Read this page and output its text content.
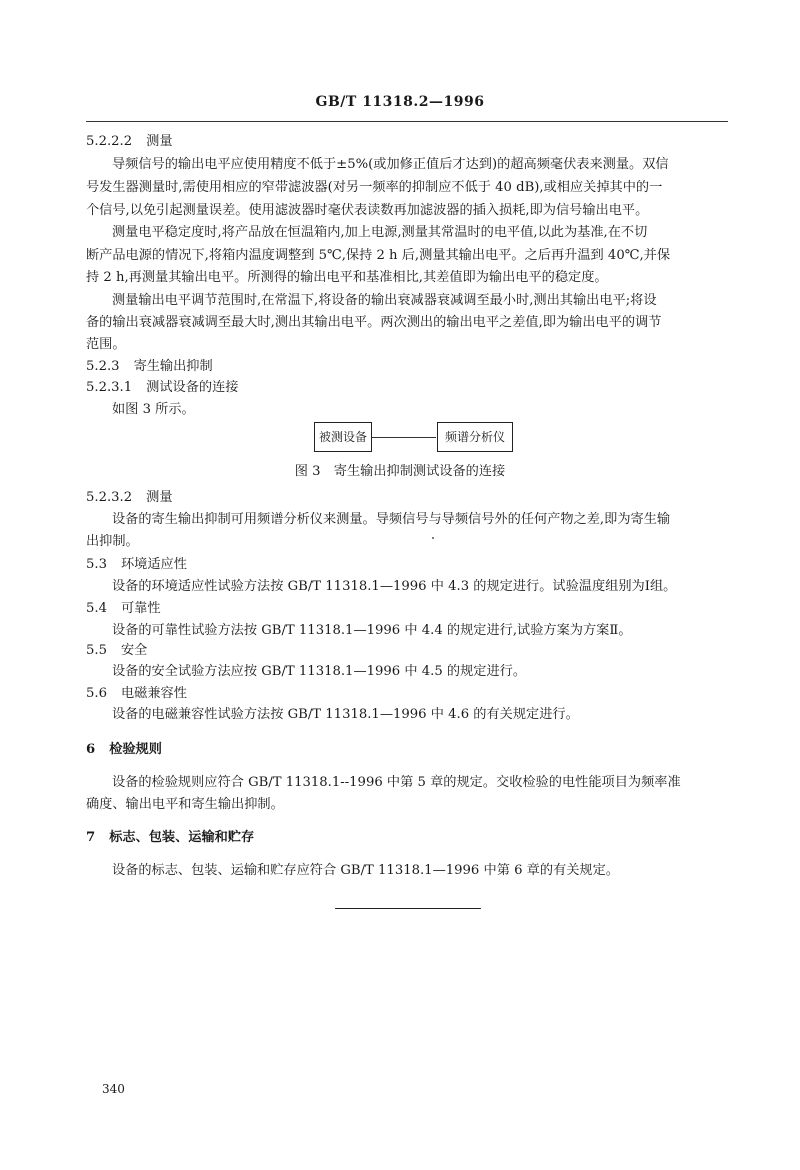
GB/T 11318.2—1996
5.2.2.2 测量
导频信号的输出电平应使用精度不低于±5%(或加修正值后才达到)的超高频毫伏表来测量。双信
号发生器测量时,需使用相应的窄带滤波器(对另一频率的抑制应不低于 40 dB),或相应关掉其中的一
个信号,以免引起测量误差。使用滤波器时毫伏表读数再加滤波器的插入损耗,即为信号输出电平。
测量电平稳定度时,将产品放在恒温箱内,加上电源,测量其常温时的电平值,以此为基准,在不切
断产品电源的情况下,将箱内温度调整到 5℃,保持 2 h 后,测量其输出电平。之后再升温到 40℃,并保
持 2 h,再测量其输出电平。所测得的输出电平和基准相比,其差值即为输出电平的稳定度。
测量输出电平调节范围时,在常温下,将设备的输出衰减器衰减调至最小时,测出其输出电平;将设
备的输出衰减器衰减调至最大时,测出其输出电平。两次测出的输出电平之差值,即为输出电平的调节
范围。
5.2.3 寄生输出抑制
5.2.3.1 测试设备的连接
如图 3 所示。
被测设备	频谱分析仪
图 3　寄生输出抑制测试设备的连接
5.2.3.2 测量
设备的寄生输出抑制可用频谱分析仪来测量。导频信号与导频信号外的任何产物之差,即为寄生输
出抑制。
5.3 环境适应性
设备的环境适应性试验方法按 GB/T 11318.1—1996 中 4.3 的规定进行。试验温度组别为Ⅰ组。
5.4 可靠性
设备的可靠性试验方法按 GB/T 11318.1—1996 中 4.4 的规定进行,试验方案为方案Ⅱ。
5.5 安全
设备的安全试验方法应按 GB/T 11318.1—1996 中 4.5 的规定进行。
5.6 电磁兼容性
设备的电磁兼容性试验方法按 GB/T 11318.1—1996 中 4.6 的有关规定进行。
6 检验规则
设备的检验规则应符合 GB/T 11318.1--1996 中第 5 章的规定。交收检验的电性能项目为频率准
确度、输出电平和寄生输出抑制。
7 标志、包装、运输和贮存
设备的标志、包装、运输和贮存应符合 GB/T 11318.1—1996 中第 6 章的有关规定。
340
